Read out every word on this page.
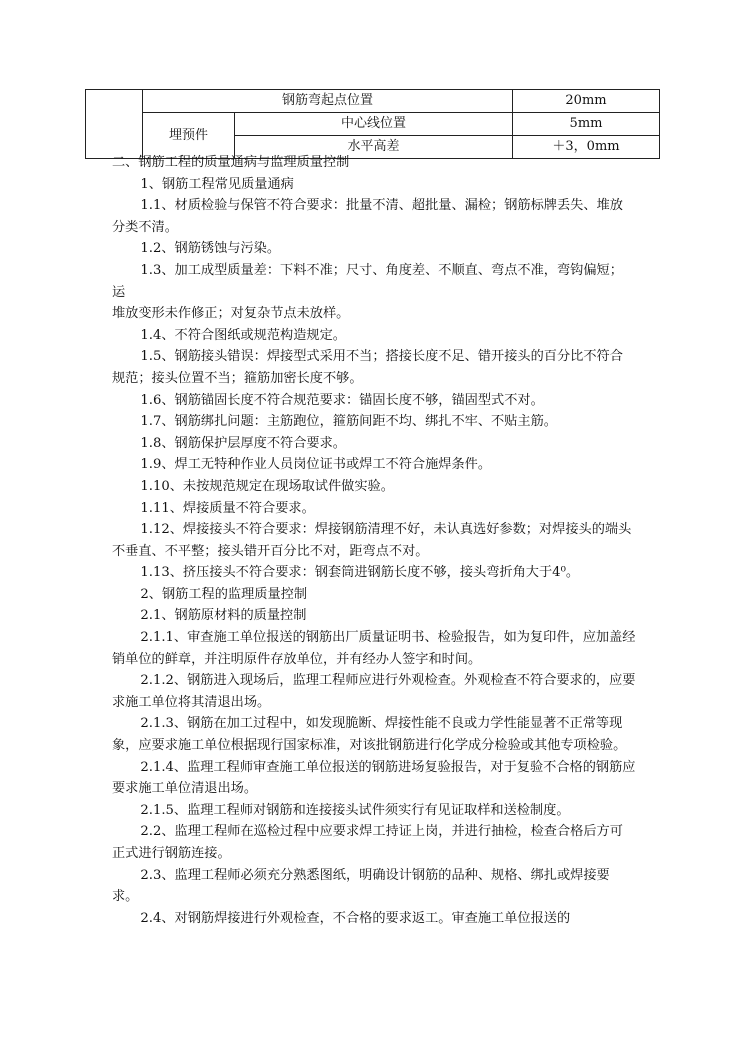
	钢筋弯起点位置		20mm
	埋预件	中心线位置	5mm
		水平高差	＋3，0mm

二、钢筋工程的质量通病与监理质量控制

1、钢筋工程常见质量通病

1.1、材质检验与保管不符合要求：批量不清、超批量、漏检；钢筋标牌丢失、堆放分类不清。

1.2、钢筋锈蚀与污染。

1.3、加工成型质量差：下料不准；尺寸、角度差、不顺直、弯点不准，弯钩偏短；运

堆放变形未作修正；对复杂节点未放样。

1.4、不符合图纸或规范构造规定。

1.5、钢筋接头错误：焊接型式采用不当；搭接长度不足、错开接头的百分比不符合规范；接头位置不当；箍筋加密长度不够。

1.6、钢筋锚固长度不符合规范要求：锚固长度不够，锚固型式不对。

1.7、钢筋绑扎问题：主筋跑位，箍筋间距不均、绑扎不牢、不贴主筋。

1.8、钢筋保护层厚度不符合要求。

1.9、焊工无特种作业人员岗位证书或焊工不符合施焊条件。

1.10、未按规范规定在现场取试件做实验。

1.11、焊接质量不符合要求。

1.12、焊接接头不符合要求：焊接钢筋清理不好，未认真选好参数；对焊接头的端头不垂直、不平整；接头错开百分比不对，距弯点不对。

1.13、挤压接头不符合要求：钢套筒进钢筋长度不够，接头弯折角大于4⁰。

2、钢筋工程的监理质量控制

2.1、钢筋原材料的质量控制

2.1.1、审查施工单位报送的钢筋出厂质量证明书、检验报告，如为复印件，应加盖经销单位的鲜章，并注明原件存放单位，并有经办人签字和时间。

2.1.2、钢筋进入现场后，监理工程师应进行外观检查。外观检查不符合要求的，应要求施工单位将其清退出场。

2.1.3、钢筋在加工过程中，如发现脆断、焊接性能不良或力学性能显著不正常等现象，应要求施工单位根据现行国家标准，对该批钢筋进行化学成分检验或其他专项检验。

2.1.4、监理工程师审查施工单位报送的钢筋进场复验报告，对于复验不合格的钢筋应要求施工单位清退出场。

2.1.5、监理工程师对钢筋和连接接头试件须实行有见证取样和送检制度。

2.2、监理工程师在巡检过程中应要求焊工持证上岗，并进行抽检，检查合格后方可正式进行钢筋连接。

2.3、监理工程师必须充分熟悉图纸，明确设计钢筋的品种、规格、绑扎或焊接要求。

2.4、对钢筋焊接进行外观检查，不合格的要求返工。审查施工单位报送的
